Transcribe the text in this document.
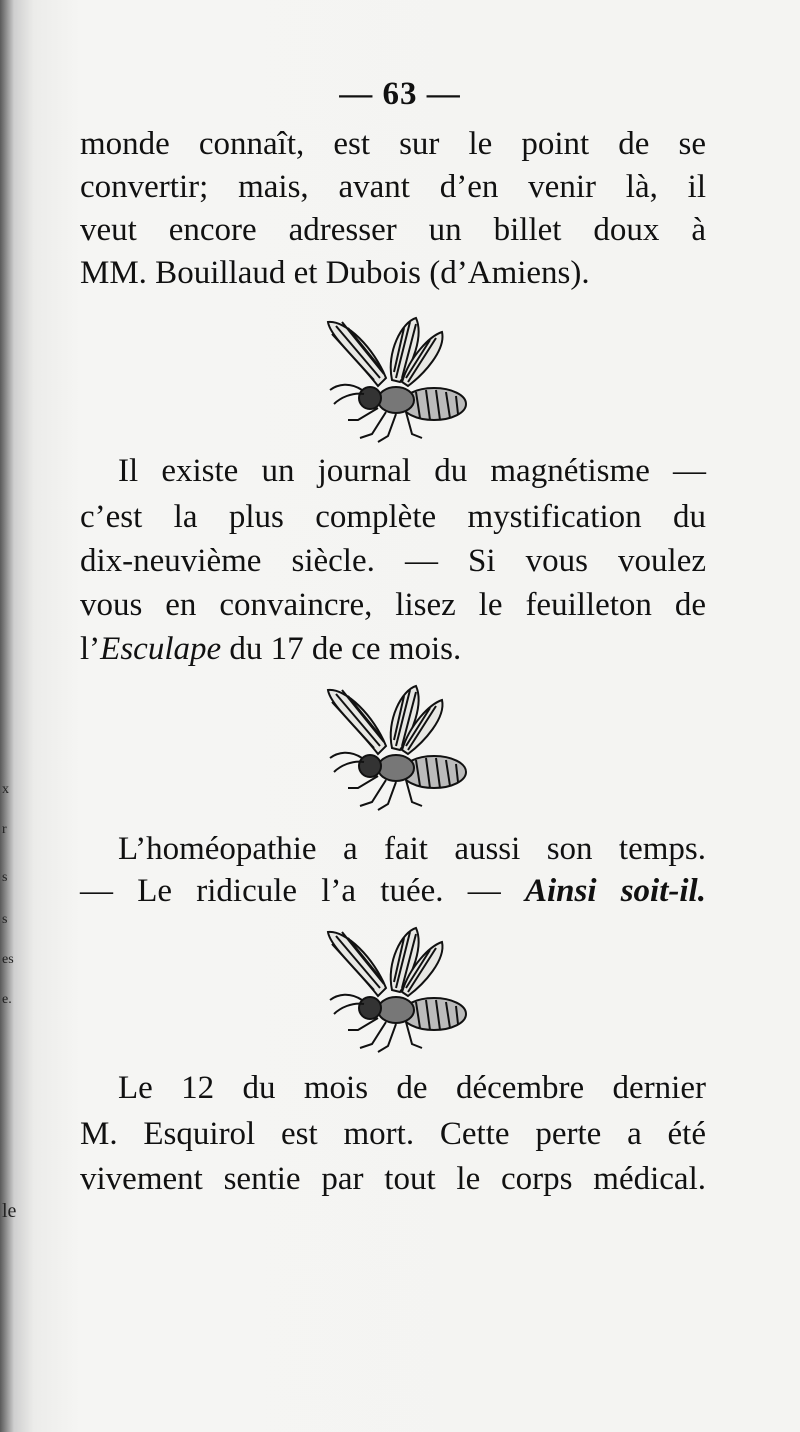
x
r
s
s
es
e.
le
— 63 —
monde connaît, est sur le point de se
convertir; mais, avant d’en venir là, il
veut encore adresser un billet doux à
MM. Bouillaud et Dubois (d’Amiens).
Il existe un journal du magnétisme —
c’est la plus complète mystification du
dix-neuvième siècle. — Si vous voulez
vous en convaincre, lisez le feuilleton de
l’Esculape du 17 de ce mois.
L’homéopathie a fait aussi son temps.
— Le ridicule l’a tuée. — Ainsi soit-il.
Le 12 du mois de décembre dernier
M. Esquirol est mort. Cette perte a été
vivement sentie par tout le corps médical.
